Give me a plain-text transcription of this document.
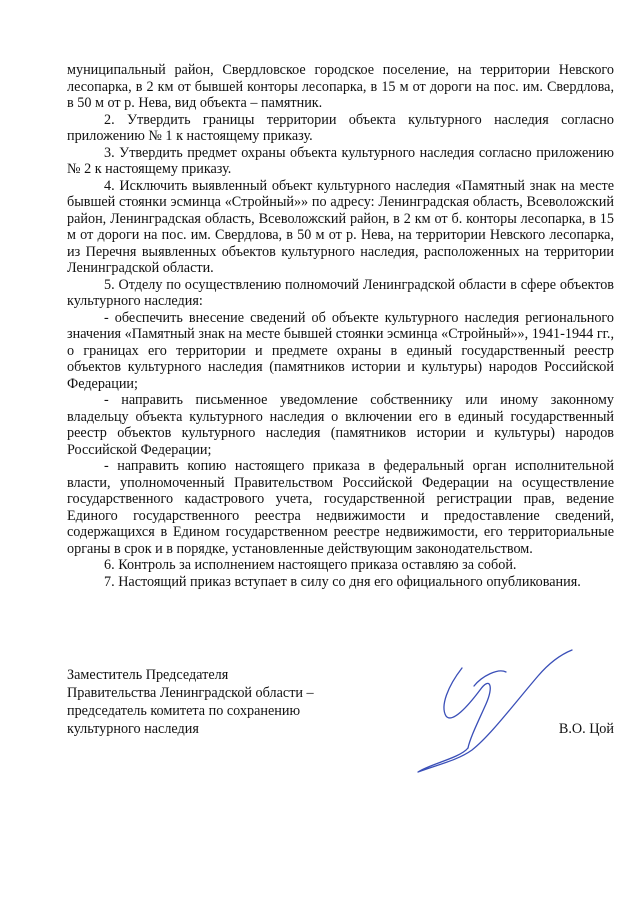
муниципальный район, Свердловское городское поселение, на территории Невского лесопарка, в 2 км от бывшей конторы лесопарка, в 15 м от дороги на пос. им. Свердлова, в 50 м от р. Нева, вид объекта – памятник.

2. Утвердить границы территории объекта культурного наследия согласно приложению № 1 к настоящему приказу.

3. Утвердить предмет охраны объекта культурного наследия согласно приложению № 2 к настоящему приказу.

4. Исключить выявленный объект культурного наследия «Памятный знак на месте бывшей стоянки эсминца «Стройный»» по адресу: Ленинградская область, Всеволожский район, Ленинградская область, Всеволожский район, в 2 км от б. конторы лесопарка, в 15 м от дороги на пос. им. Свердлова, в 50 м от р. Нева, на территории Невского лесопарка, из Перечня выявленных объектов культурного наследия, расположенных на территории Ленинградской области.

5. Отделу по осуществлению полномочий Ленинградской области в сфере объектов культурного наследия:

- обеспечить внесение сведений об объекте культурного наследия регионального значения «Памятный знак на месте бывшей стоянки эсминца «Стройный»», 1941-1944 гг., о границах его территории и предмете охраны в единый государственный реестр объектов культурного наследия (памятников истории и культуры) народов Российской Федерации;

- направить письменное уведомление собственнику или иному законному владельцу объекта культурного наследия о включении его в единый государственный реестр объектов культурного наследия (памятников истории и культуры) народов Российской Федерации;

- направить копию настоящего приказа в федеральный орган исполнительной власти, уполномоченный Правительством Российской Федерации на осуществление государственного кадастрового учета, государственной регистрации прав, ведение Единого государственного реестра недвижимости и предоставление сведений, содержащихся в Едином государственном реестре недвижимости, его территориальные органы в срок и в порядке, установленные действующим законодательством.

6. Контроль за исполнением настоящего приказа оставляю за собой.

7. Настоящий приказ вступает в силу со дня его официального опубликования.

Заместитель Председателя

Правительства Ленинградской области –

председатель комитета по сохранению

культурного наследия	В.О. Цой
